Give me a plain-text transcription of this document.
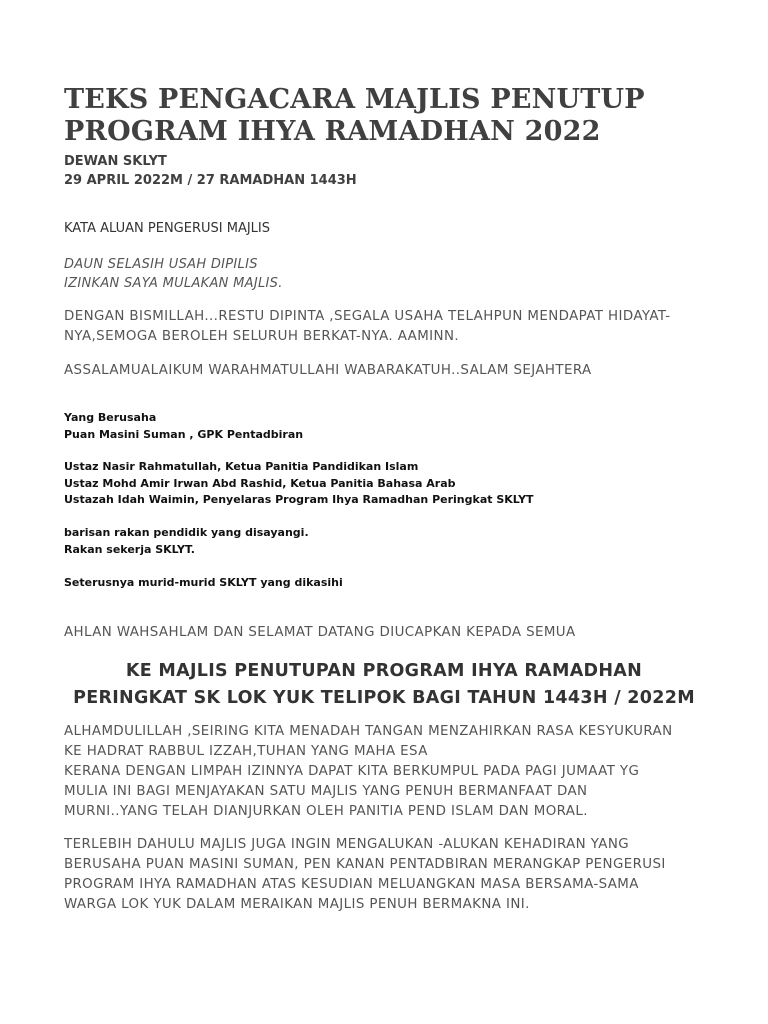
TEKS PENGACARA MAJLIS PENUTUP
PROGRAM IHYA RAMADHAN 2022
DEWAN SKLYT
29 APRIL 2022M / 27 RAMADHAN 1443H
KATA ALUAN PENGERUSI MAJLIS
DAUN SELASIH USAH DIPILIS
IZINKAN SAYA MULAKAN MAJLIS.
DENGAN BISMILLAH...RESTU DIPINTA ,SEGALA USAHA TELAHPUN MENDAPAT HIDAYAT-
NYA,SEMOGA BEROLEH SELURUH BERKAT-NYA. AAMINN.
ASSALAMUALAIKUM WARAHMATULLAHI WABARAKATUH..SALAM SEJAHTERA
Yang Berusaha
Puan Masini Suman , GPK Pentadbiran
Ustaz Nasir Rahmatullah, Ketua Panitia Pandidikan Islam
Ustaz Mohd Amir Irwan Abd Rashid, Ketua Panitia Bahasa Arab
Ustazah Idah Waimin, Penyelaras Program Ihya Ramadhan Peringkat SKLYT
barisan rakan pendidik yang disayangi.
Rakan sekerja SKLYT.
Seterusnya murid-murid SKLYT yang dikasihi
AHLAN WAHSAHLAM DAN SELAMAT DATANG DIUCAPKAN KEPADA SEMUA
KE MAJLIS PENUTUPAN PROGRAM IHYA RAMADHAN
PERINGKAT SK LOK YUK TELIPOK BAGI TAHUN 1443H / 2022M
ALHAMDULILLAH ,SEIRING KITA MENADAH TANGAN MENZAHIRKAN RASA KESYUKURAN
KE HADRAT RABBUL IZZAH,TUHAN YANG MAHA ESA
KERANA DENGAN LIMPAH IZINNYA DAPAT KITA BERKUMPUL PADA PAGI JUMAAT YG
MULIA INI BAGI MENJAYAKAN SATU MAJLIS YANG PENUH BERMANFAAT DAN
MURNI..YANG TELAH DIANJURKAN OLEH PANITIA PEND ISLAM DAN MORAL.
TERLEBIH DAHULU MAJLIS JUGA INGIN MENGALUKAN -ALUKAN KEHADIRAN YANG
BERUSAHA PUAN MASINI SUMAN, PEN KANAN PENTADBIRAN MERANGKAP PENGERUSI
PROGRAM IHYA RAMADHAN ATAS KESUDIAN MELUANGKAN MASA BERSAMA-SAMA
WARGA LOK YUK DALAM MERAIKAN MAJLIS PENUH BERMAKNA INI.
